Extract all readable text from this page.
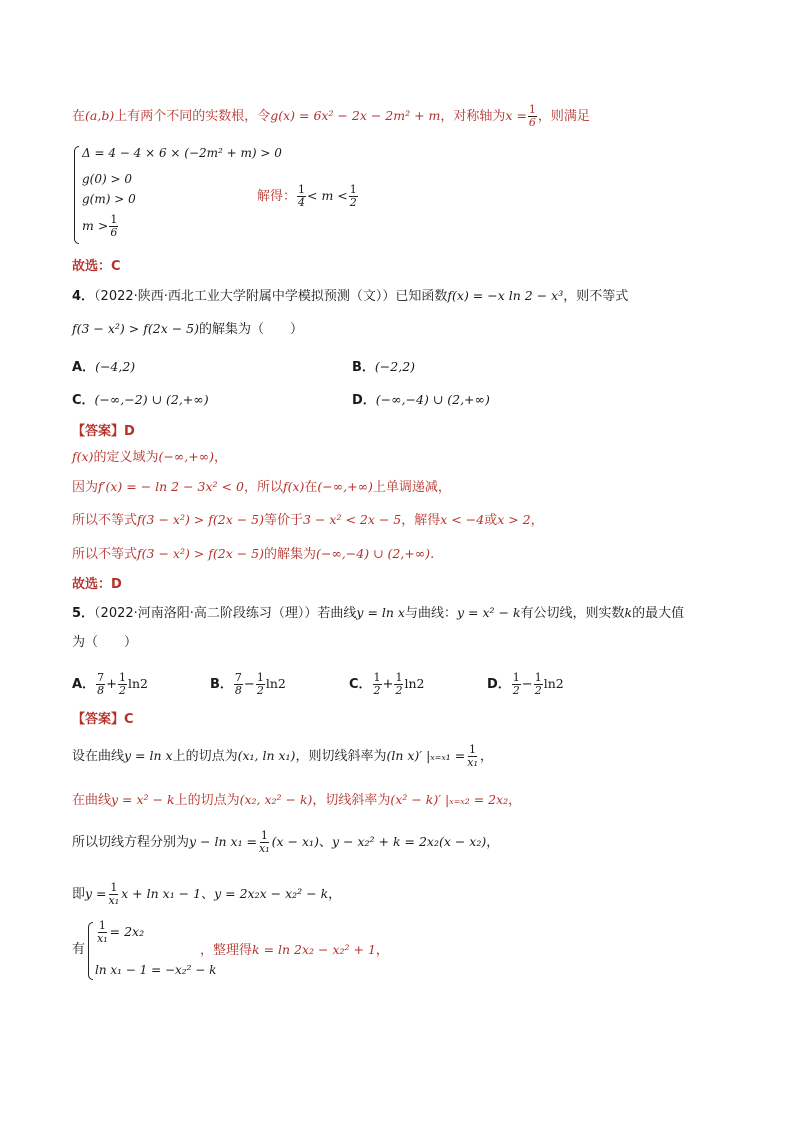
在(a,b)上有两个不同的实数根，令g(x) = 6x² − 2x − 2m² + m，对称轴为$x = \frac{1}{6}$ ，则满足
Δ = 4 − 4 × 6 × (−2m² + m) > 0
g(0) > 0
g(m) > 0
$m > \frac{1}{6}$
解得： $\frac{1}{4} < m < \frac{1}{2}$
故选：C
4．（2022·陕西·西北工业大学附属中学模拟预测（文））已知函数f(x) = −x ln 2 − x³，则不等式
f(3 − x²) > f(2x − 5)的解集为（　　）
A．(−4,2)	B．(−2,2)
C．(−∞,−2) ∪ (2,+∞)	D．(−∞,−4) ∪ (2,+∞)
【答案】D
f(x)的定义域为(−∞,+∞)，
因为f′(x) = − ln 2 − 3x² < 0，所以f(x)在(−∞,+∞)上单调递减，
所以不等式f(3 − x²) > f(2x − 5)等价于3 − x² < 2x − 5，解得x < −4或x > 2，
所以不等式f(3 − x²) > f(2x − 5)的解集为(−∞,−4) ∪ (2,+∞).
故选：D
5．（2022·河南洛阳·高二阶段练习（理））若曲线y = ln x与曲线：y = x² − k有公切线，则实数k的最大值
为（　　）
A． $\frac{7}{8} + \frac{1}{2} \ln 2$	B． $\frac{7}{8} - \frac{1}{2} \ln 2$	C． $\frac{1}{2} + \frac{1}{2} \ln 2$	D． $\frac{1}{2} - \frac{1}{2} \ln 2$
【答案】C
设在曲线y = ln x上的切点为(x₁, ln x₁)，则切线斜率为(ln x)′ $|_{x=x1} = \frac{1}{\text{x₁}}$ ，
在曲线y = x² − k上的切点为(x₂, x₂² − k)，切线斜率为(x² − k)′ |ₓ₌ₓ₂ = 2x₂，
所以切线方程分别为$y - \ln x_1 = \frac{1}{\text{x₁}} (x - x_1)$、y − x₂² + k = 2x₂(x − x₂)，
即$y = \frac{1}{\text{x₁}}$ x + ln x₁ − 1、y = 2x₂x − x₂² − k，
有
$\frac{1}{\text{x₁}} = 2x_2$
ln x₁ − 1 = −x₂² − k
，整理得k = ln 2x₂ − x₂² + 1，
